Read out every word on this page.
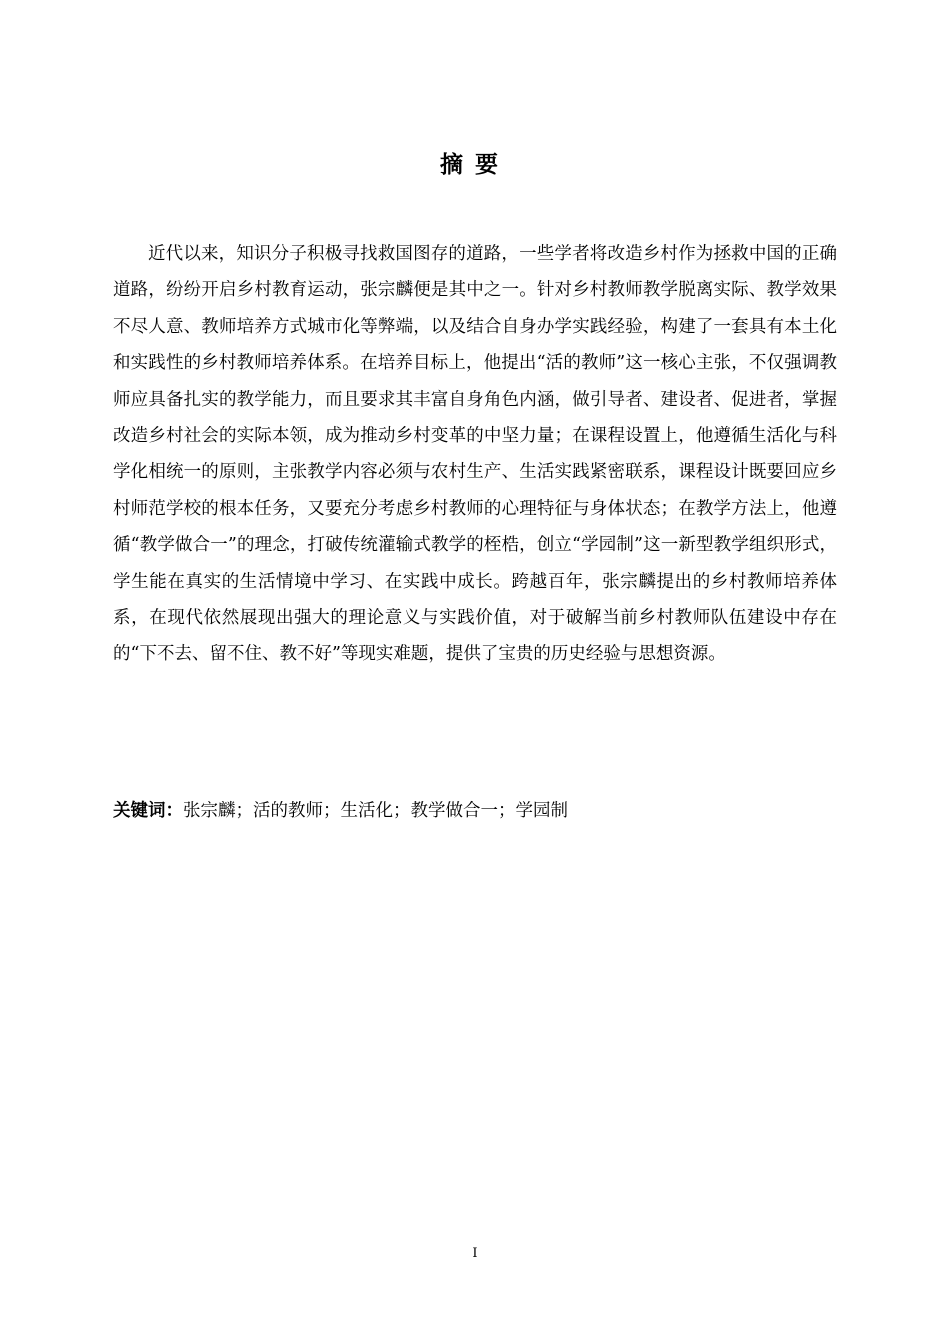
摘要

近代以来，知识分子积极寻找救国图存的道路，一些学者将改造乡村作为拯救中国的正确道路，纷纷开启乡村教育运动，张宗麟便是其中之一。针对乡村教师教学脱离实际、教学效果不尽人意、教师培养方式城市化等弊端，以及结合自身办学实践经验，构建了一套具有本土化和实践性的乡村教师培养体系。在培养目标上，他提出“活的教师”这一核心主张，不仅强调教师应具备扎实的教学能力，而且要求其丰富自身角色内涵，做引导者、建设者、促进者，掌握改造乡村社会的实际本领，成为推动乡村变革的中坚力量；在课程设置上，他遵循生活化与科学化相统一的原则，主张教学内容必须与农村生产、生活实践紧密联系，课程设计既要回应乡村师范学校的根本任务，又要充分考虑乡村教师的心理特征与身体状态；在教学方法上，他遵循“教学做合一”的理念，打破传统灌输式教学的桎梏，创立“学园制”这一新型教学组织形式，学生能在真实的生活情境中学习、在实践中成长。跨越百年，张宗麟提出的乡村教师培养体系，在现代依然展现出强大的理论意义与实践价值，对于破解当前乡村教师队伍建设中存在的“下不去、留不住、教不好”等现实难题，提供了宝贵的历史经验与思想资源。

关键词：张宗麟；活的教师；生活化；教学做合一；学园制

I
